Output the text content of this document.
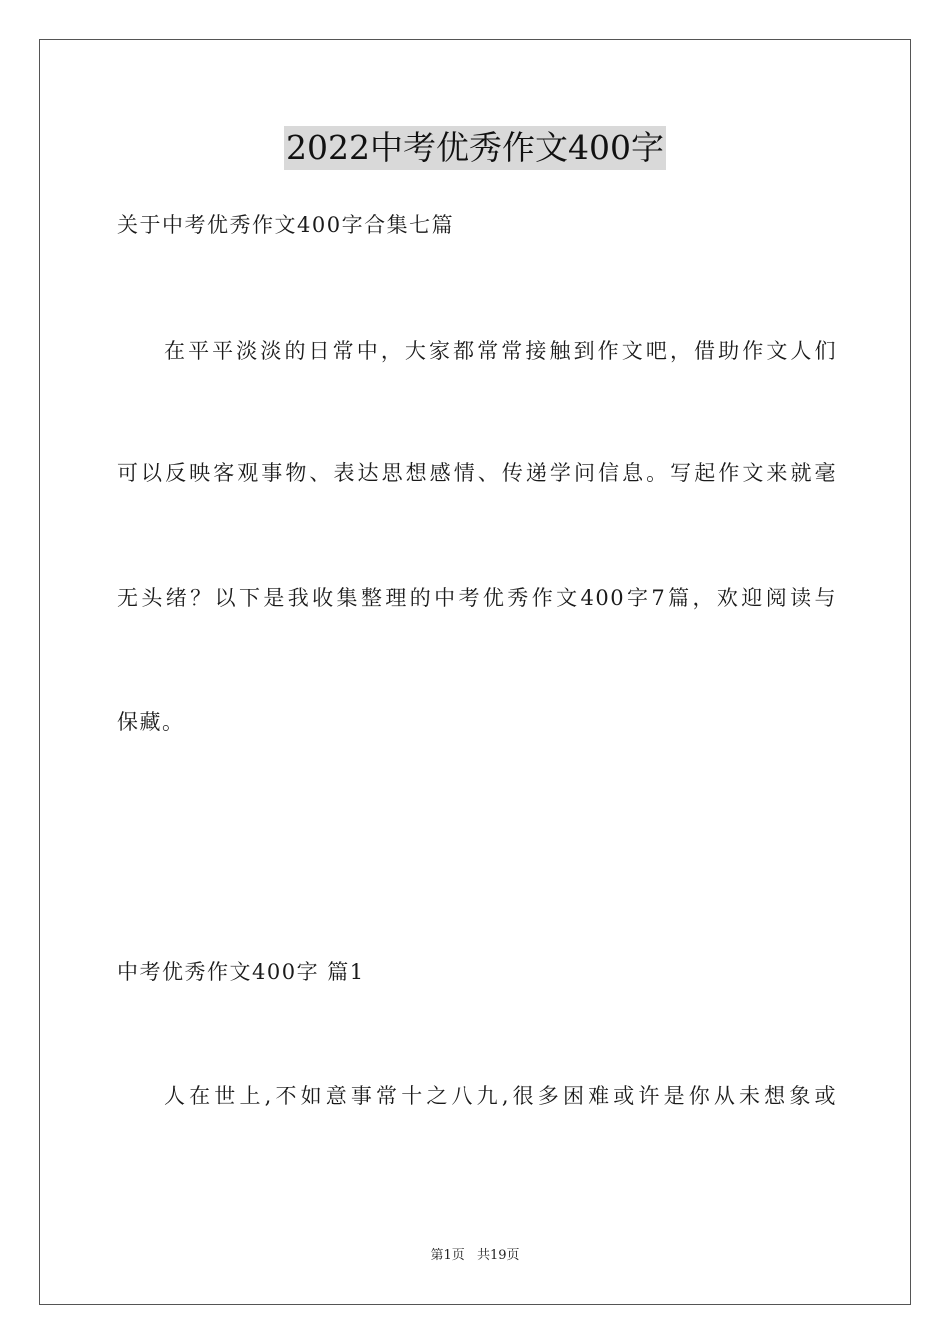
2022中考优秀作文400字
关于中考优秀作文400字合集七篇
在平平淡淡的日常中，大家都常常接触到作文吧，借助作文人们
可以反映客观事物、表达思想感情、传递学问信息。写起作文来就毫
无头绪？以下是我收集整理的中考优秀作文400字7篇，欢迎阅读与
保藏。
中考优秀作文400字 篇1
人在世上,不如意事常十之八九,很多困难或许是你从未想象或
第1页 共19页
